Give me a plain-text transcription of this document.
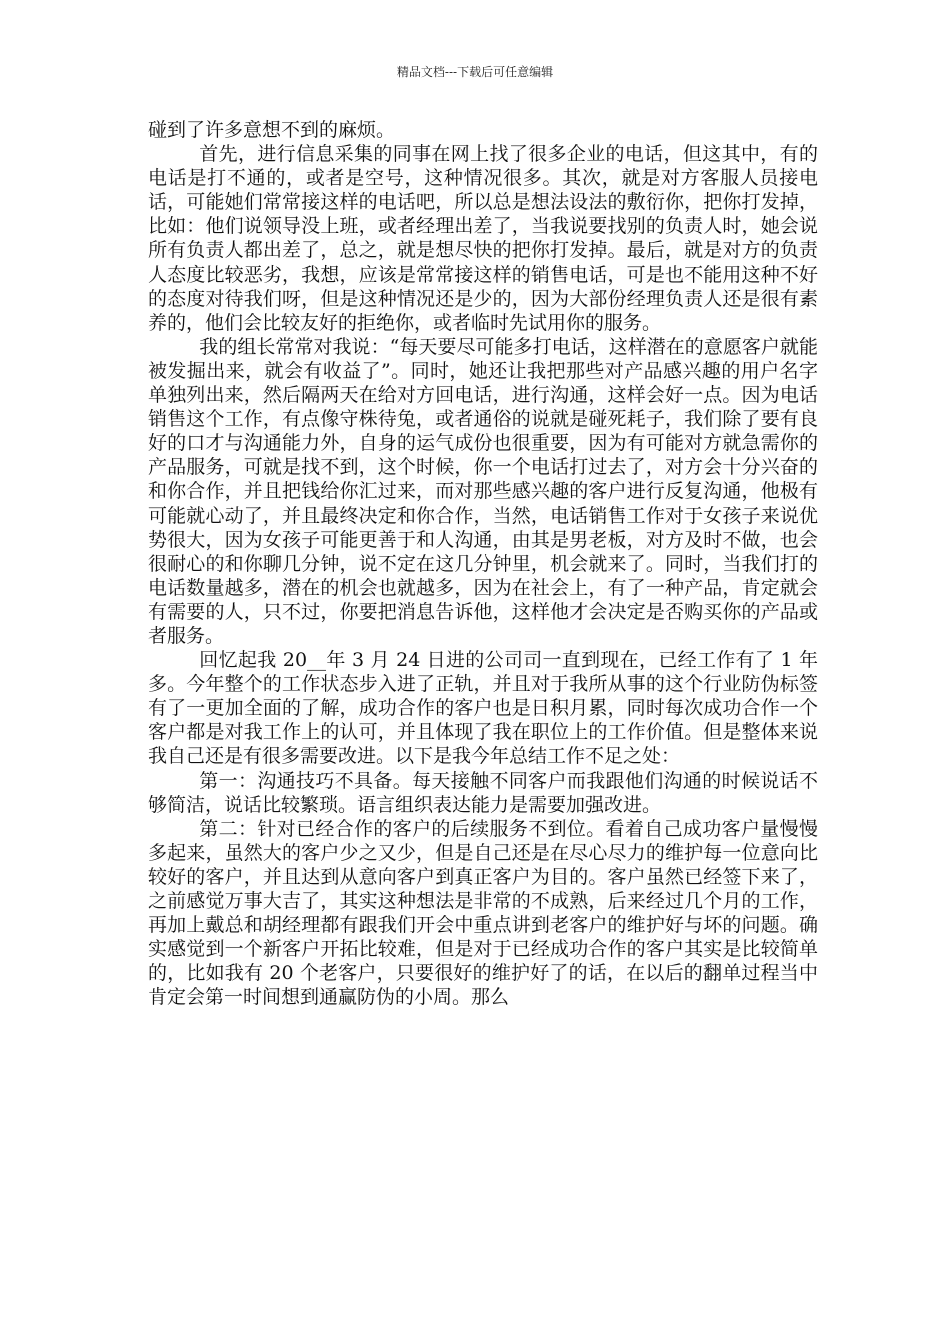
精品文档---下载后可任意编辑

碰到了许多意想不到的麻烦。

首先，进行信息采集的同事在网上找了很多企业的电话，但这其中，有的电话是打不通的，或者是空号，这种情况很多。其次，就是对方客服人员接电话，可能她们常常接这样的电话吧，所以总是想法设法的敷衍你，把你打发掉，比如：他们说领导没上班，或者经理出差了，当我说要找别的负责人时，她会说所有负责人都出差了，总之，就是想尽快的把你打发掉。最后，就是对方的负责人态度比较恶劣，我想，应该是常常接这样的销售电话，可是也不能用这种不好的态度对待我们呀，但是这种情况还是少的，因为大部份经理负责人还是很有素养的，他们会比较友好的拒绝你，或者临时先试用你的服务。

我的组长常常对我说：“每天要尽可能多打电话，这样潜在的意愿客户就能被发掘出来，就会有收益了”。同时，她还让我把那些对产品感兴趣的用户名字单独列出来，然后隔两天在给对方回电话，进行沟通，这样会好一点。因为电话销售这个工作，有点像守株待兔，或者通俗的说就是碰死耗子，我们除了要有良好的口才与沟通能力外，自身的运气成份也很重要，因为有可能对方就急需你的产品服务，可就是找不到，这个时候，你一个电话打过去了，对方会十分兴奋的和你合作，并且把钱给你汇过来，而对那些感兴趣的客户进行反复沟通，他极有可能就心动了，并且最终决定和你合作，当然，电话销售工作对于女孩子来说优势很大，因为女孩子可能更善于和人沟通，由其是男老板，对方及时不做，也会很耐心的和你聊几分钟，说不定在这几分钟里，机会就来了。同时，当我们打的电话数量越多，潜在的机会也就越多，因为在社会上，有了一种产品，肯定就会有需要的人，只不过，你要把消息告诉他，这样他才会决定是否购买你的产品或者服务。

回忆起我 20__年 3 月 24 日进的公司司一直到现在，已经工作有了 1 年多。今年整个的工作状态步入进了正轨，并且对于我所从事的这个行业防伪标签有了一更加全面的了解，成功合作的客户也是日积月累，同时每次成功合作一个客户都是对我工作上的认可，并且体现了我在职位上的工作价值。但是整体来说我自己还是有很多需要改进。以下是我今年总结工作不足之处：

第一：沟通技巧不具备。每天接触不同客户而我跟他们沟通的时候说话不够简洁，说话比较繁琐。语言组织表达能力是需要加强改进。

第二：针对已经合作的客户的后续服务不到位。看着自己成功客户量慢慢多起来，虽然大的客户少之又少，但是自己还是在尽心尽力的维护每一位意向比较好的客户，并且达到从意向客户到真正客户为目的。客户虽然已经签下来了，之前感觉万事大吉了，其实这种想法是非常的不成熟，后来经过几个月的工作，再加上戴总和胡经理都有跟我们开会中重点讲到老客户的维护好与坏的问题。确实感觉到一个新客户开拓比较难，但是对于已经成功合作的客户其实是比较简单的，比如我有 20 个老客户，只要很好的维护好了的话，在以后的翻单过程当中肯定会第一时间想到通赢防伪的小周。那么
